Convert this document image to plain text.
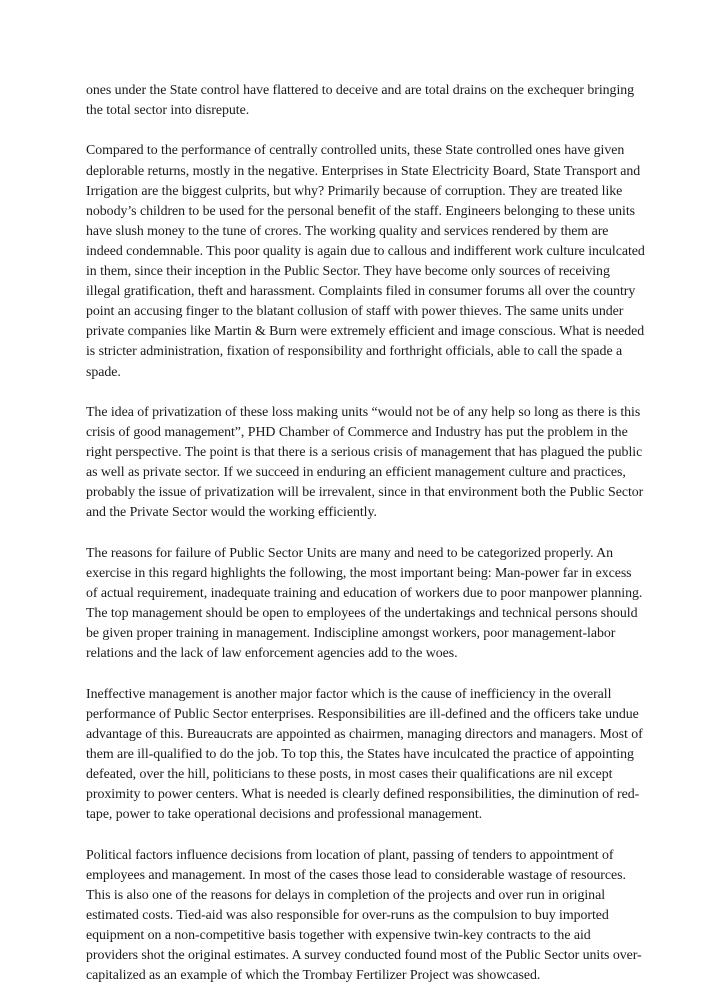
ones under the State control have flattered to deceive and are total drains on the exchequer bringing the total sector into disrepute.

Compared to the performance of centrally controlled units, these State controlled ones have given deplorable returns, mostly in the negative. Enterprises in State Electricity Board, State Transport and Irrigation are the biggest culprits, but why? Primarily because of corruption. They are treated like nobody’s children to be used for the personal benefit of the staff. Engineers belonging to these units have slush money to the tune of crores. The working quality and services rendered by them are indeed condemnable. This poor quality is again due to callous and indifferent work culture inculcated in them, since their inception in the Public Sector. They have become only sources of receiving illegal gratification, theft and harassment. Complaints filed in consumer forums all over the country point an accusing finger to the blatant collusion of staff with power thieves. The same units under private companies like Martin & Burn were extremely efficient and image conscious. What is needed is stricter administration, fixation of responsibility and forthright officials, able to call the spade a spade.

The idea of privatization of these loss making units “would not be of any help so long as there is this crisis of good management”, PHD Chamber of Commerce and Industry has put the problem in the right perspective. The point is that there is a serious crisis of management that has plagued the public as well as private sector. If we succeed in enduring an efficient management culture and practices, probably the issue of privatization will be irrevalent, since in that environment both the Public Sector and the Private Sector would the working efficiently.

The reasons for failure of Public Sector Units are many and need to be categorized properly. An exercise in this regard highlights the following, the most important being: Man-power far in excess of actual requirement, inadequate training and education of workers due to poor manpower planning. The top management should be open to employees of the undertakings and technical persons should be given proper training in management. Indiscipline amongst workers, poor management-labor relations and the lack of law enforcement agencies add to the woes.

Ineffective management is another major factor which is the cause of inefficiency in the overall performance of Public Sector enterprises. Responsibilities are ill-defined and the officers take undue advantage of this. Bureaucrats are appointed as chairmen, managing directors and managers. Most of them are ill-qualified to do the job. To top this, the States have inculcated the practice of appointing defeated, over the hill, politicians to these posts, in most cases their qualifications are nil except proximity to power centers. What is needed is clearly defined responsibilities, the diminution of red-tape, power to take operational decisions and professional management.

Political factors influence decisions from location of plant, passing of tenders to appointment of employees and management. In most of the cases those lead to considerable wastage of resources. This is also one of the reasons for delays in completion of the projects and over run in original estimated costs. Tied-aid was also responsible for over-runs as the compulsion to buy imported equipment on a non-competitive basis together with expensive twin-key contracts to the aid providers shot the original estimates. A survey conducted found most of the Public Sector units over-capitalized as an example of which the Trombay Fertilizer Project was showcased.
